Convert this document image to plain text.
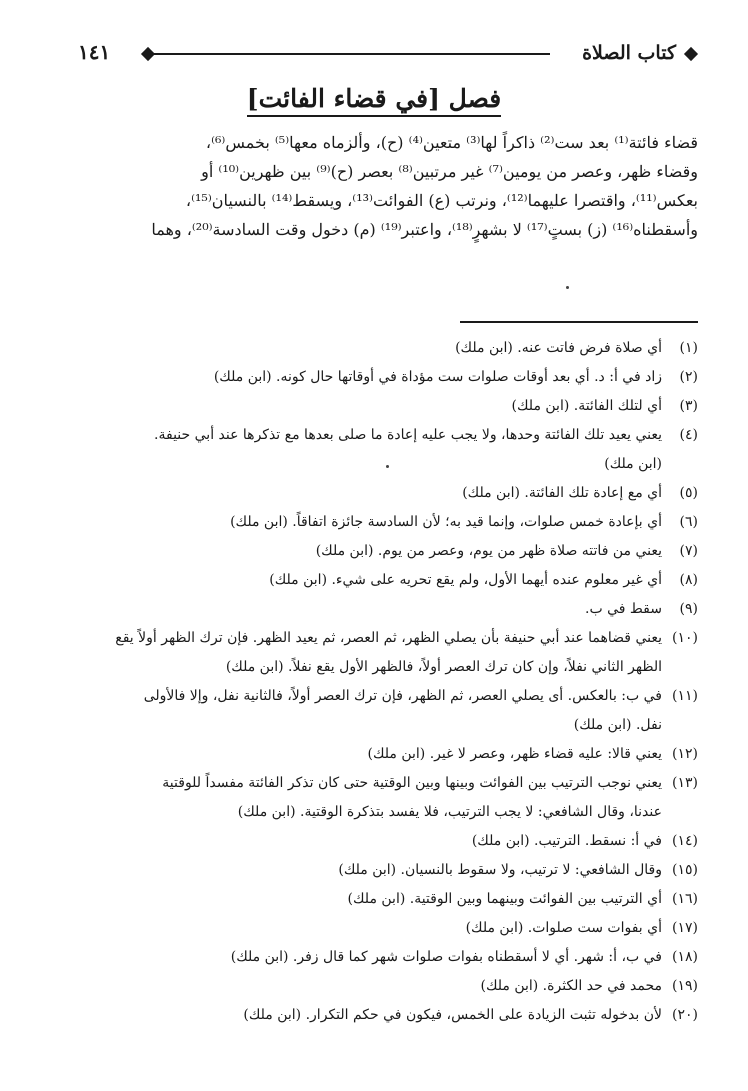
كتاب الصلاة
١٤١
فصل [في قضاء الفائت]
قضاء فائتة⁽¹⁾ بعد ست⁽²⁾ ذاكراً لها⁽³⁾ متعين⁽⁴⁾ (ح)، وألزماه معها⁽⁵⁾ بخمس⁽⁶⁾،
وقضاء ظهر، وعصر من يومين⁽⁷⁾ غير مرتبين⁽⁸⁾ بعصر (ح)⁽⁹⁾ بين ظهرين⁽¹⁰⁾ أو
بعكس⁽¹¹⁾، واقتصرا عليهما⁽¹²⁾، ونرتب (ع) الفوائت⁽¹³⁾، ويسقط⁽¹⁴⁾ بالنسيان⁽¹⁵⁾،
وأسقطناه⁽¹⁶⁾ (ز) بستٍ⁽¹⁷⁾ لا بشهرٍ⁽¹⁸⁾، واعتبر⁽¹⁹⁾ (م) دخول وقت السادسة⁽²⁰⁾، وهما
(١)
أي صلاة فرض فاتت عنه. (ابن ملك)
(٢)
زاد في أ: د. أي بعد أوقات صلوات ست مؤداة في أوقاتها حال كونه. (ابن ملك)
(٣)
أي لتلك الفائتة. (ابن ملك)
(٤)
يعني يعيد تلك الفائتة وحدها، ولا يجب عليه إعادة ما صلى بعدها مع تذكرها عند أبي حنيفة.
(ابن ملك)
(٥)
أي مع إعادة تلك الفائتة. (ابن ملك)
(٦)
أي بإعادة خمس صلوات، وإنما قيد به؛ لأن السادسة جائزة اتفاقاً. (ابن ملك)
(٧)
يعني من فاتته صلاة ظهر من يوم، وعصر من يوم. (ابن ملك)
(٨)
أي غير معلوم عنده أيهما الأول، ولم يقع تحريه على شيء. (ابن ملك)
(٩)
سقط في ب.
(١٠)
يعني قضاهما عند أبي حنيفة بأن يصلي الظهر، ثم العصر، ثم يعيد الظهر. فإن ترك الظهر أولاً يقع
الظهر الثاني نفلاً، وإن كان ترك العصر أولاً، فالظهر الأول يقع نفلاً. (ابن ملك)
(١١)
في ب: بالعكس. أى يصلي العصر، ثم الظهر، فإن ترك العصر أولاً، فالثانية نفل، وإلا فالأولى
نفل. (ابن ملك)
(١٢)
يعني قالا: عليه قضاء ظهر، وعصر لا غير. (ابن ملك)
(١٣)
يعني نوجب الترتيب بين الفوائت وبينها وبين الوقتية حتى كان تذكر الفائتة مفسداً للوقتية
عندنا، وقال الشافعي: لا يجب الترتيب، فلا يفسد بتذكرة الوقتية. (ابن ملك)
(١٤)
في أ: نسقط. الترتيب. (ابن ملك)
(١٥)
وقال الشافعي: لا ترتيب، ولا سقوط بالنسيان. (ابن ملك)
(١٦)
أي الترتيب بين الفوائت وبينهما وبين الوقتية. (ابن ملك)
(١٧)
أي بفوات ست صلوات. (ابن ملك)
(١٨)
في ب، أ: شهر. أي لا أسقطناه بفوات صلوات شهر كما قال زفر. (ابن ملك)
(١٩)
محمد في حد الكثرة. (ابن ملك)
(٢٠)
لأن بدخوله تثبت الزيادة على الخمس، فيكون في حكم التكرار. (ابن ملك)
